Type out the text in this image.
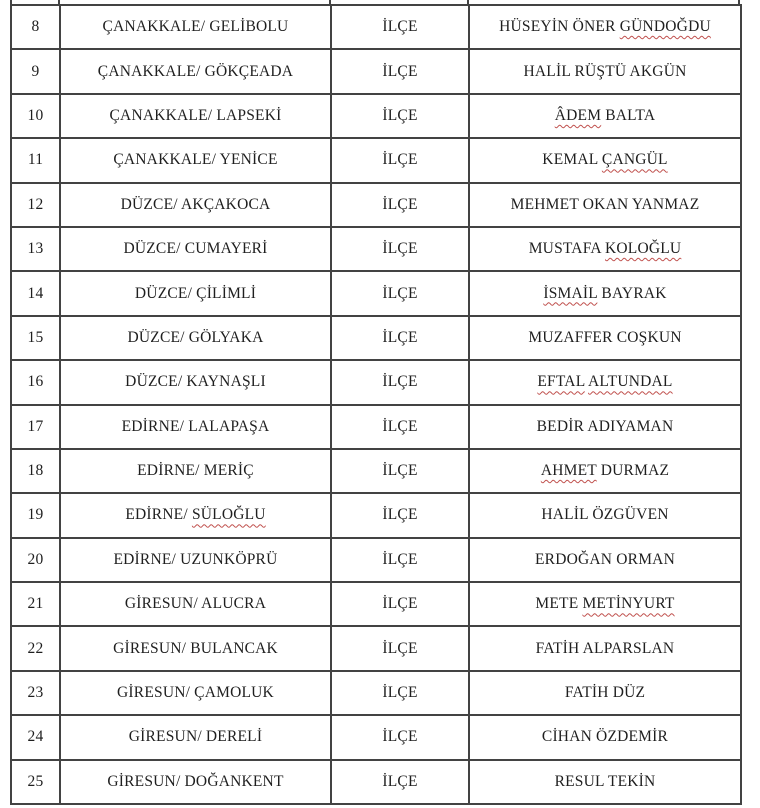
8	ÇANAKKALE/ GELİBOLU	İLÇE	HÜSEYİN ÖNER GÜNDOĞDU
9	ÇANAKKALE/ GÖKÇEADA	İLÇE	HALİL RÜŞTÜ AKGÜN
10	ÇANAKKALE/ LAPSEKİ	İLÇE	ÂDEM BALTA
11	ÇANAKKALE/ YENİCE	İLÇE	KEMAL ÇANGÜL
12	DÜZCE/ AKÇAKOCA	İLÇE	MEHMET OKAN YANMAZ
13	DÜZCE/ CUMAYERİ	İLÇE	MUSTAFA KOLOĞLU
14	DÜZCE/ ÇİLİMLİ	İLÇE	İSMAİL BAYRAK
15	DÜZCE/ GÖLYAKA	İLÇE	MUZAFFER COŞKUN
16	DÜZCE/ KAYNAŞLI	İLÇE	EFTAL ALTUNDAL
17	EDİRNE/ LALAPAŞA	İLÇE	BEDİR ADIYAMAN
18	EDİRNE/ MERİÇ	İLÇE	AHMET DURMAZ
19	EDİRNE/ SÜLOĞLU	İLÇE	HALİL ÖZGÜVEN
20	EDİRNE/ UZUNKÖPRÜ	İLÇE	ERDOĞAN ORMAN
21	GİRESUN/ ALUCRA	İLÇE	METE METİNYURT
22	GİRESUN/ BULANCAK	İLÇE	FATİH ALPARSLAN
23	GİRESUN/ ÇAMOLUK	İLÇE	FATİH DÜZ
24	GİRESUN/ DERELİ	İLÇE	CİHAN ÖZDEMİR
25	GİRESUN/ DOĞANKENT	İLÇE	RESUL TEKİN
